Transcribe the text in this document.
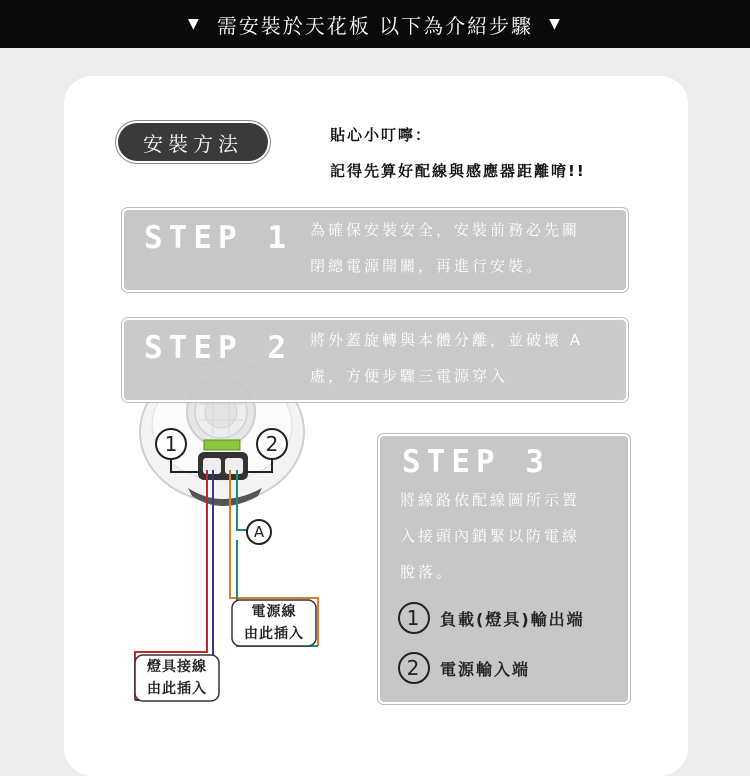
▼ 需安裝於天花板 以下為介紹步驟 ▼
安裝方法	貼心小叮嚀：
記得先算好配線與感應器距離唷!!
1	2
A
電源線
由此插入
燈具接線
由此插入
STEP 1 為確保安裝安全，安裝前務必先關
閉總電源開關，再進行安裝。
STEP 2 將外蓋旋轉與本體分離，並破壞 A
處，方便步驟三電源穿入
STEP 3
將線路依配線圖所示置
入接頭內鎖緊以防電線
脫落。
1	負載(燈具)輸出端
2	電源輸入端
